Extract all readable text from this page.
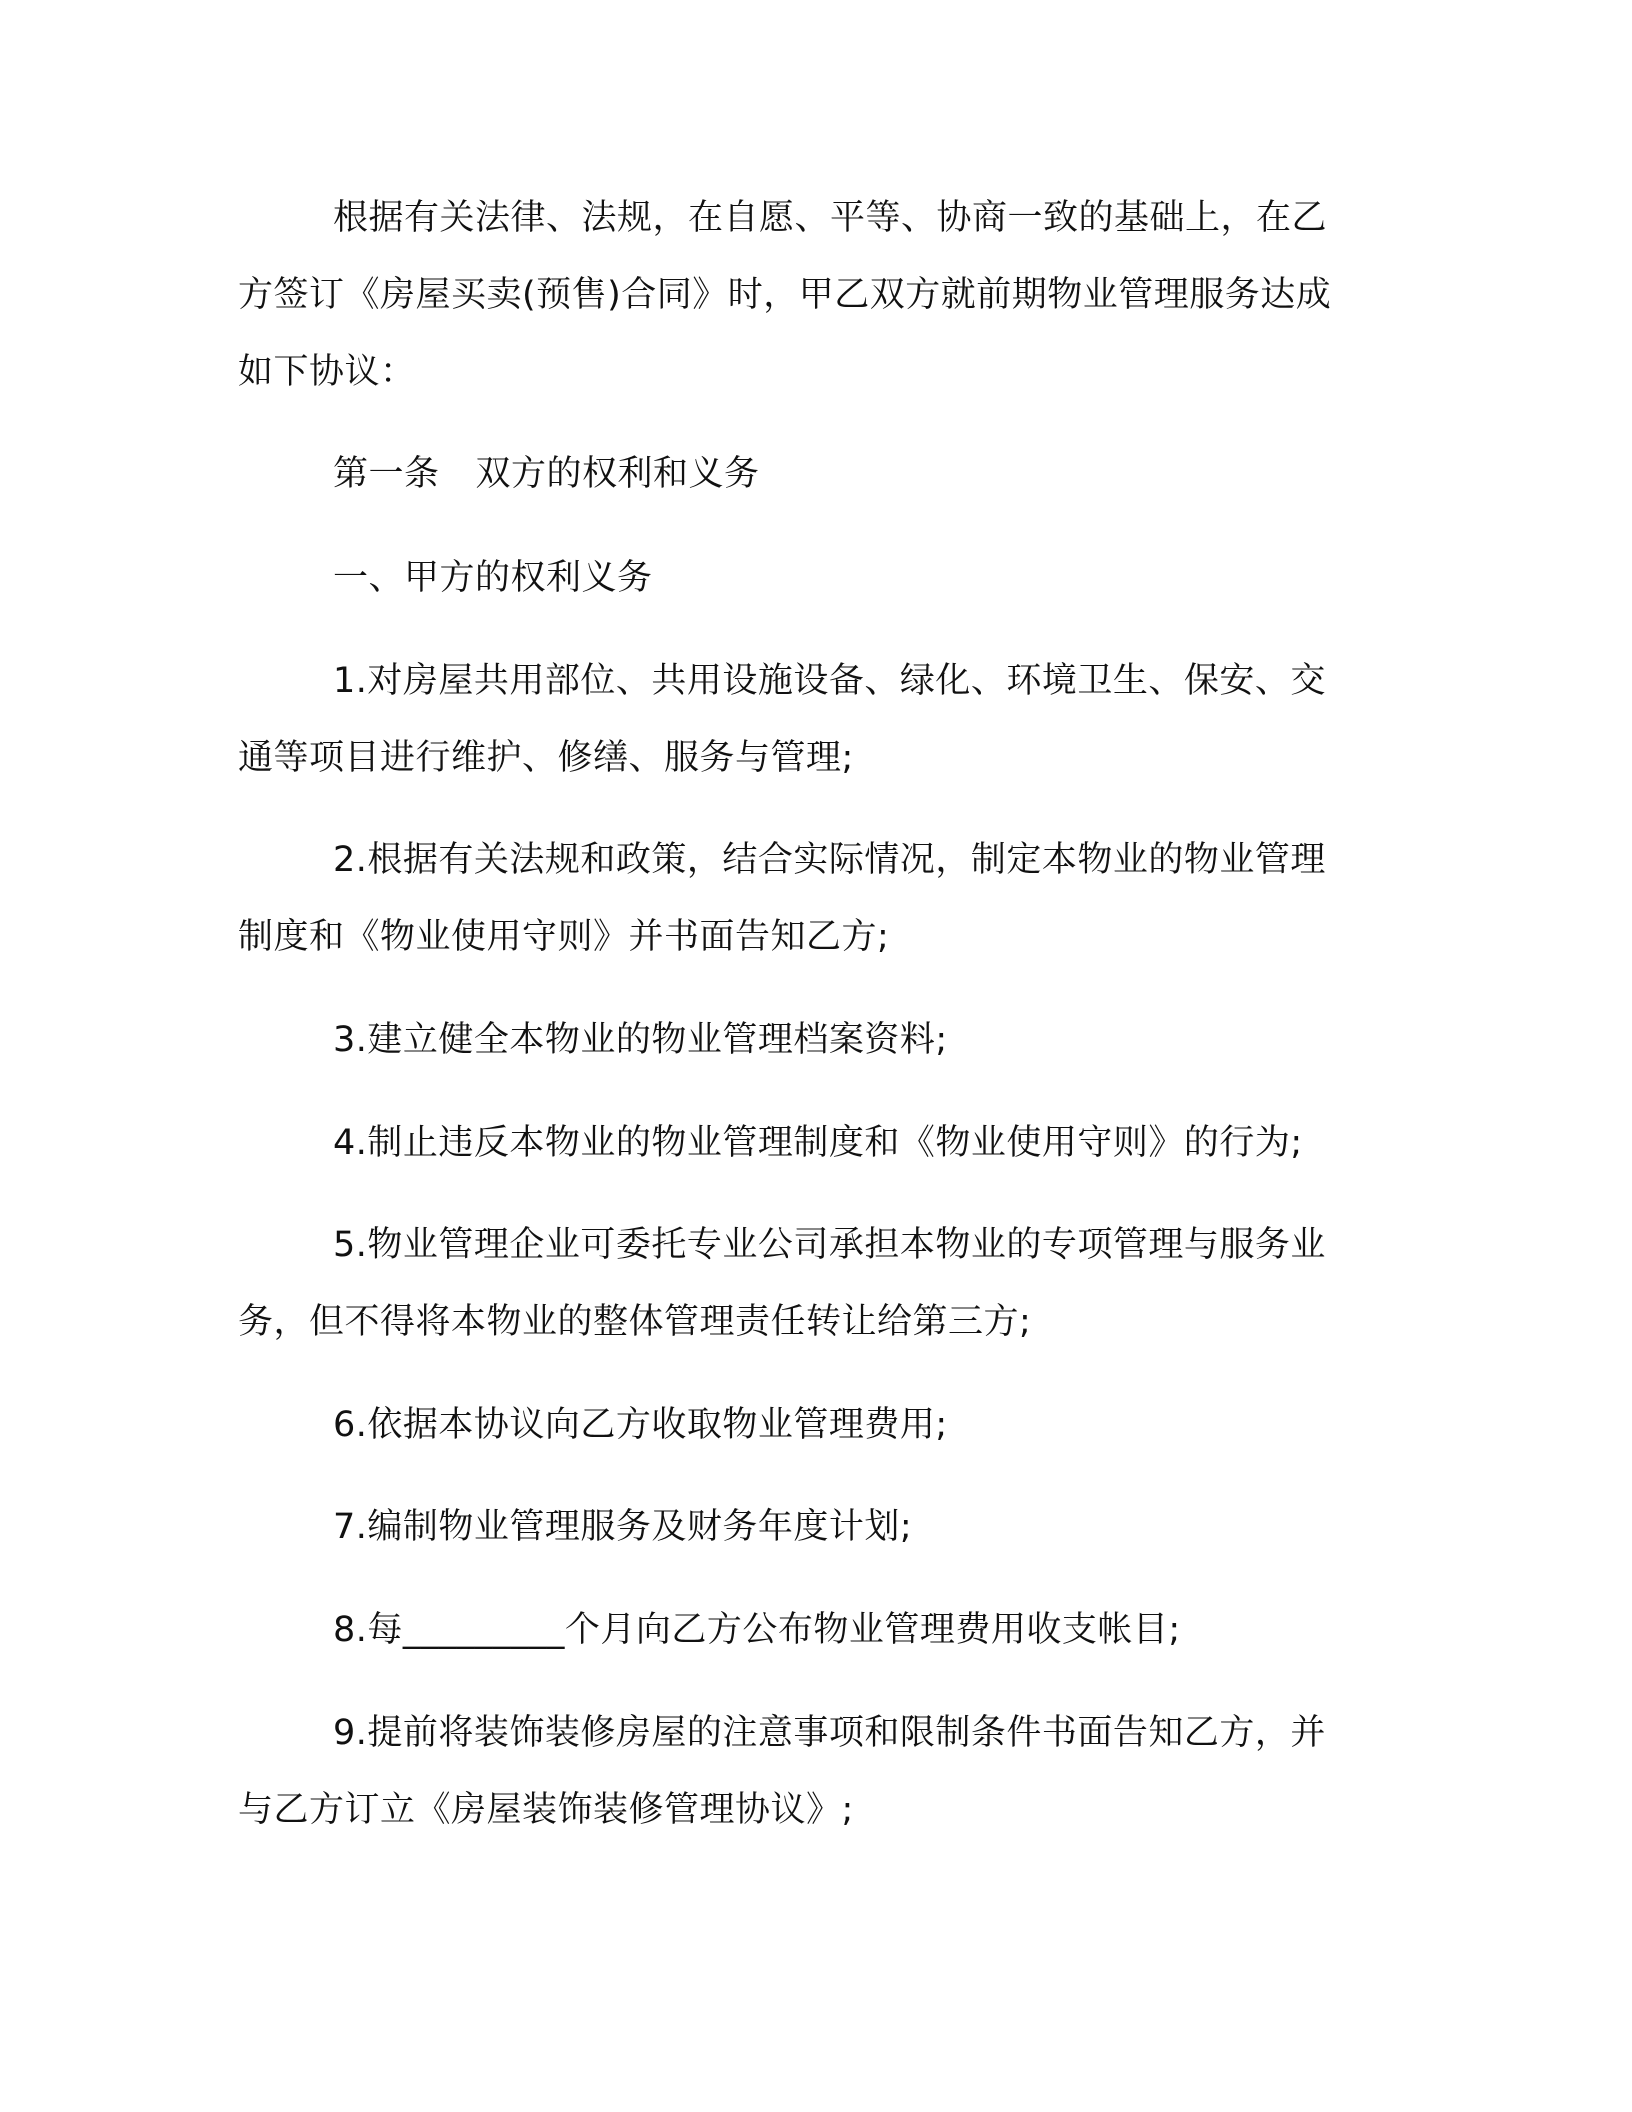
根据有关法律、法规，在自愿、平等、协商一致的基础上，在乙
方签订《房屋买卖(预售)合同》时，甲乙双方就前期物业管理服务达成
如下协议：
第一条 双方的权利和义务
一、甲方的权利义务
1.对房屋共用部位、共用设施设备、绿化、环境卫生、保安、交
通等项目进行维护、修缮、服务与管理;
2.根据有关法规和政策，结合实际情况，制定本物业的物业管理
制度和《物业使用守则》并书面告知乙方;
3.建立健全本物业的物业管理档案资料;
4.制止违反本物业的物业管理制度和《物业使用守则》的行为;
5.物业管理企业可委托专业公司承担本物业的专项管理与服务业
务，但不得将本物业的整体管理责任转让给第三方;
6.依据本协议向乙方收取物业管理费用;
7.编制物业管理服务及财务年度计划;
8.每_________个月向乙方公布物业管理费用收支帐目;
9.提前将装饰装修房屋的注意事项和限制条件书面告知乙方，并
与乙方订立《房屋装饰装修管理协议》;
